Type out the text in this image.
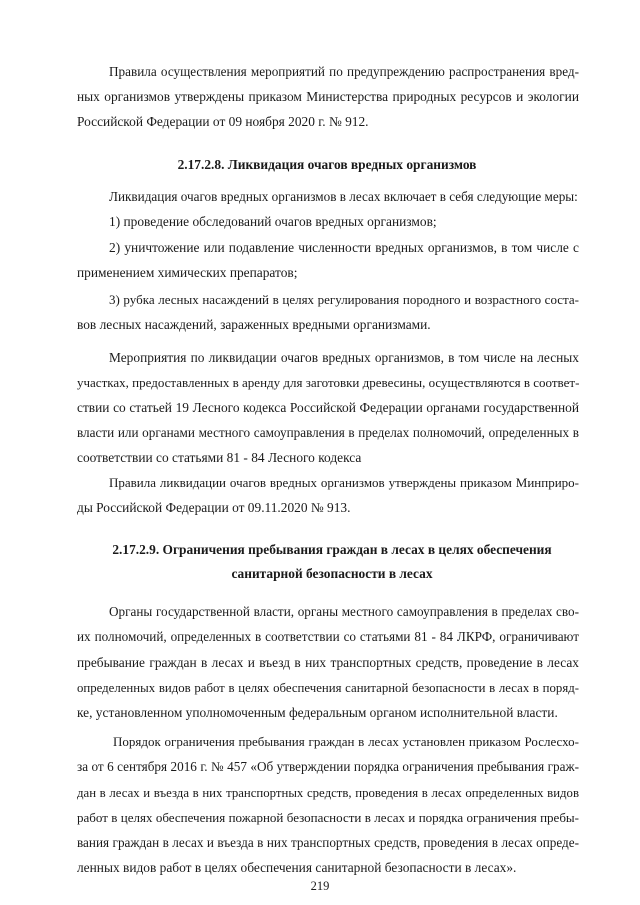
Правила осуществления мероприятий по предупреждению распространения вред-
ных организмов утверждены приказом Министерства природных ресурсов и экологии
Российской Федерации от 09 ноября 2020 г. № 912.
2.17.2.8. Ликвидация очагов вредных организмов
Ликвидация очагов вредных организмов в лесах включает в себя следующие меры:
1) проведение обследований очагов вредных организмов;
2) уничтожение или подавление численности вредных организмов, в том числе с
применением химических препаратов;
3) рубка лесных насаждений в целях регулирования породного и возрастного соста-
вов лесных насаждений, зараженных вредными организмами.
Мероприятия по ликвидации очагов вредных организмов, в том числе на лесных
участках, предоставленных в аренду для заготовки древесины, осуществляются в соответ-
ствии со статьей 19 Лесного кодекса Российской Федерации органами государственной
власти или органами местного самоуправления в пределах полномочий, определенных в
соответствии со статьями 81 - 84 Лесного кодекса
Правила ликвидации очагов вредных организмов утверждены приказом Минприро-
ды Российской Федерации от 09.11.2020 № 913.
2.17.2.9. Ограничения пребывания граждан в лесах в целях обеспечения
санитарной безопасности в лесах
Органы государственной власти, органы местного самоуправления в пределах сво-
их полномочий, определенных в соответствии со статьями 81 - 84 ЛКРФ, ограничивают
пребывание граждан в лесах и въезд в них транспортных средств, проведение в лесах
определенных видов работ в целях обеспечения санитарной безопасности в лесах в поряд-
ке, установленном уполномоченным федеральным органом исполнительной власти.
Порядок ограничения пребывания граждан в лесах установлен приказом Рослесхо-
за от 6 сентября 2016 г. № 457 «Об утверждении порядка ограничения пребывания граж-
дан в лесах и въезда в них транспортных средств, проведения в лесах определенных видов
работ в целях обеспечения пожарной безопасности в лесах и порядка ограничения пребы-
вания граждан в лесах и въезда в них транспортных средств, проведения в лесах опреде-
ленных видов работ в целях обеспечения санитарной безопасности в лесах».
219
